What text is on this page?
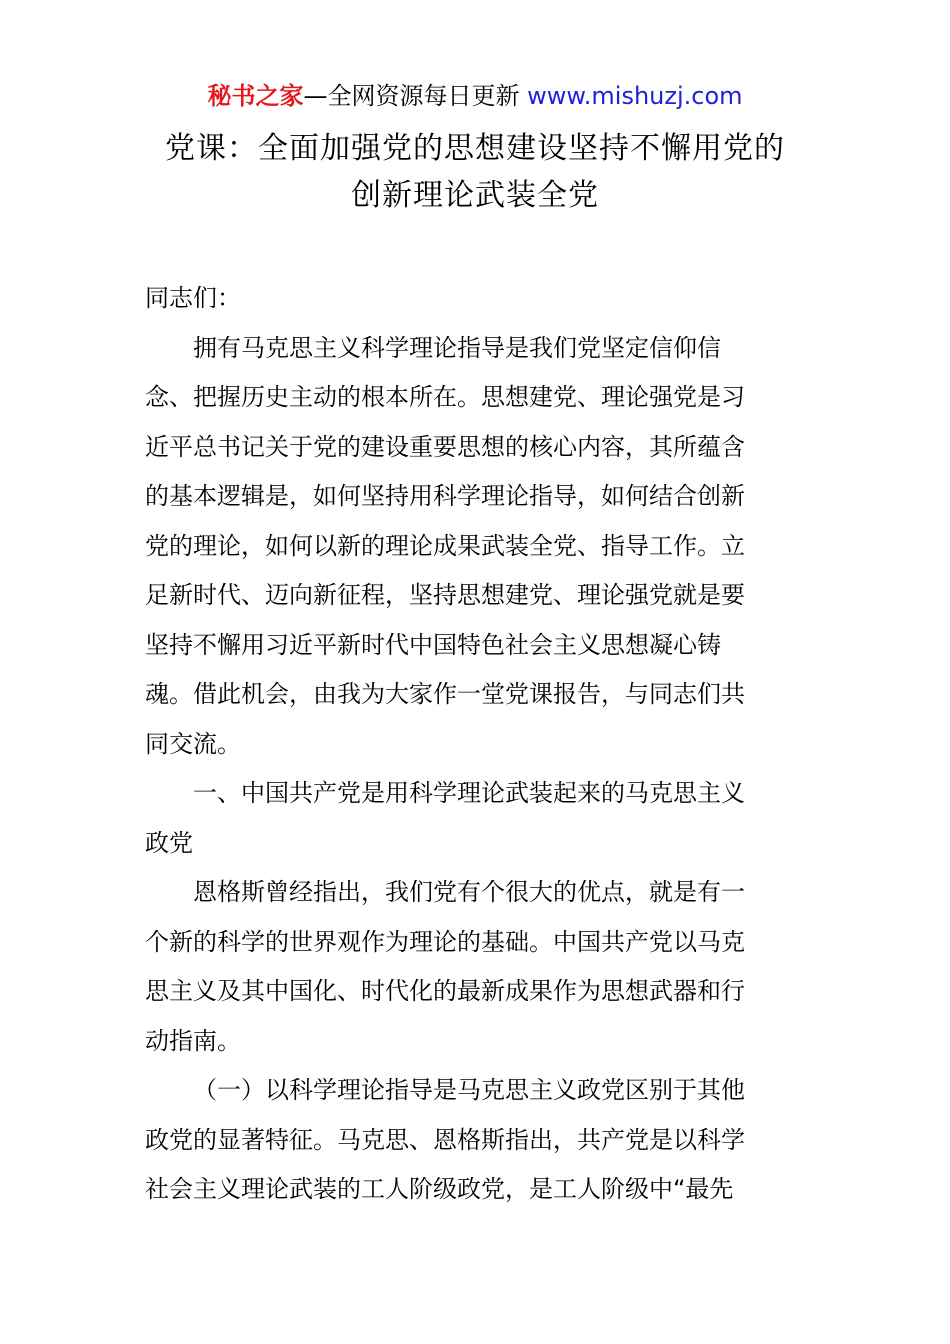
秘书之家—全网资源每日更新 www.mishuzj.com
党课：全面加强党的思想建设坚持不懈用党的
创新理论武装全党
同志们：
拥有马克思主义科学理论指导是我们党坚定信仰信
念、把握历史主动的根本所在。思想建党、理论强党是习
近平总书记关于党的建设重要思想的核心内容，其所蕴含
的基本逻辑是，如何坚持用科学理论指导，如何结合创新
党的理论，如何以新的理论成果武装全党、指导工作。立
足新时代、迈向新征程，坚持思想建党、理论强党就是要
坚持不懈用习近平新时代中国特色社会主义思想凝心铸
魂。借此机会，由我为大家作一堂党课报告，与同志们共
同交流。
一、中国共产党是用科学理论武装起来的马克思主义
政党
恩格斯曾经指出，我们党有个很大的优点，就是有一
个新的科学的世界观作为理论的基础。中国共产党以马克
思主义及其中国化、时代化的最新成果作为思想武器和行
动指南。
（一）以科学理论指导是马克思主义政党区别于其他
政党的显著特征。马克思、恩格斯指出，共产党是以科学
社会主义理论武装的工人阶级政党，是工人阶级中“最先
